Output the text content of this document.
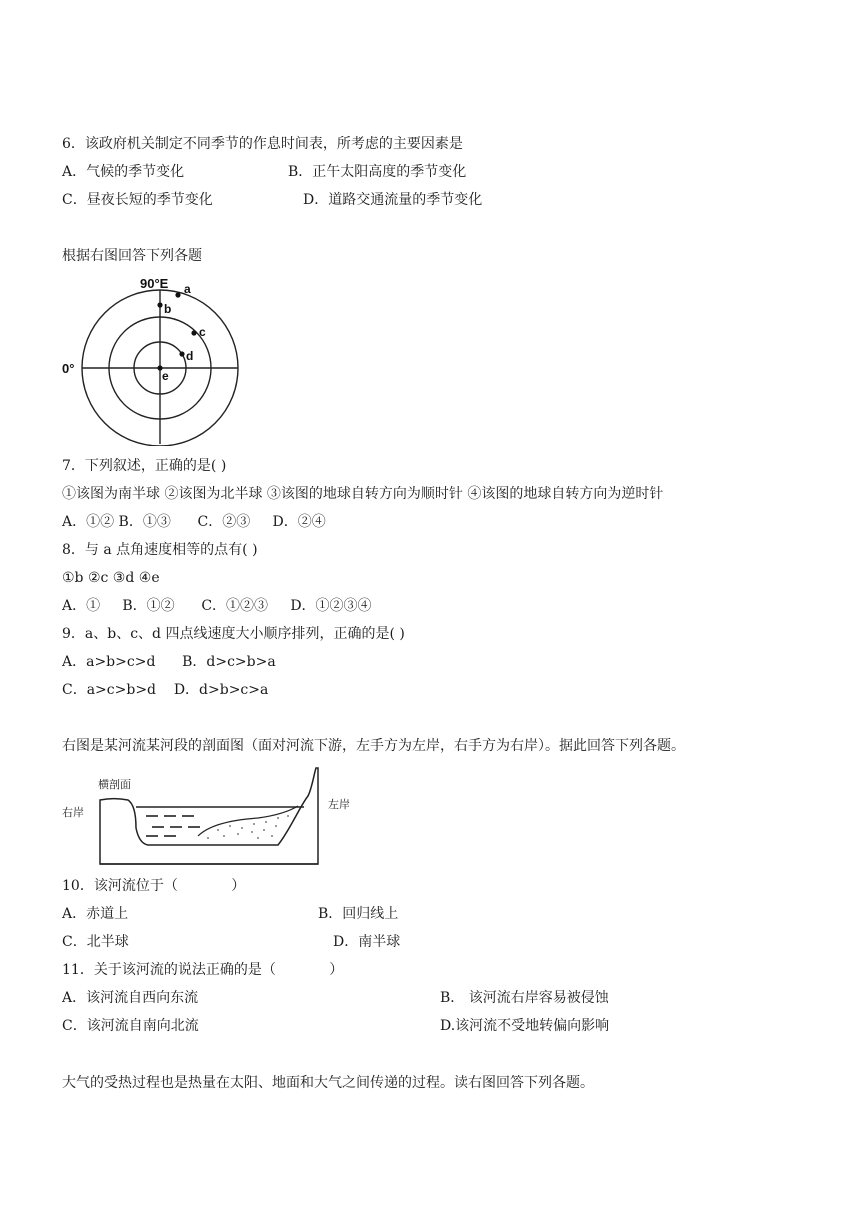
6．该政府机关制定不同季节的作息时间表，所考虑的主要因素是
A．气候的季节变化	B．正午太阳高度的季节变化
C．昼夜长短的季节变化	D．道路交通流量的季节变化
根据右图回答下列各题
90°E a
b
c
d
e
0°
7．下列叙述，正确的是( )
①该图为南半球 ②该图为北半球 ③该图的地球自转方向为顺时针 ④该图的地球自转方向为逆时针
A．①② B．①③      C．②③     D．②④
8．与 a 点角速度相等的点有( )
①b ②c ③d ④e
A．①     B．①②      C．①②③     D．①②③④
9．a、b、c、d 四点线速度大小顺序排列，正确的是( )
A．a>b>c>d      B．d>c>b>a
C．a>c>b>d    D．d>b>c>a
右图是某河流某河段的剖面图（面对河流下游，左手方为左岸，右手方为右岸）。据此回答下列各题。
横剖面
右岸
左岸
10．该河流位于（            ）
A．赤道上	B．回归线上
C．北半球	D．南半球
11．关于该河流的说法正确的是（            ）
A．该河流自西向东流	B． 该河流右岸容易被侵蚀
C．该河流自南向北流	D.该河流不受地转偏向影响
大气的受热过程也是热量在太阳、地面和大气之间传递的过程。读右图回答下列各题。
